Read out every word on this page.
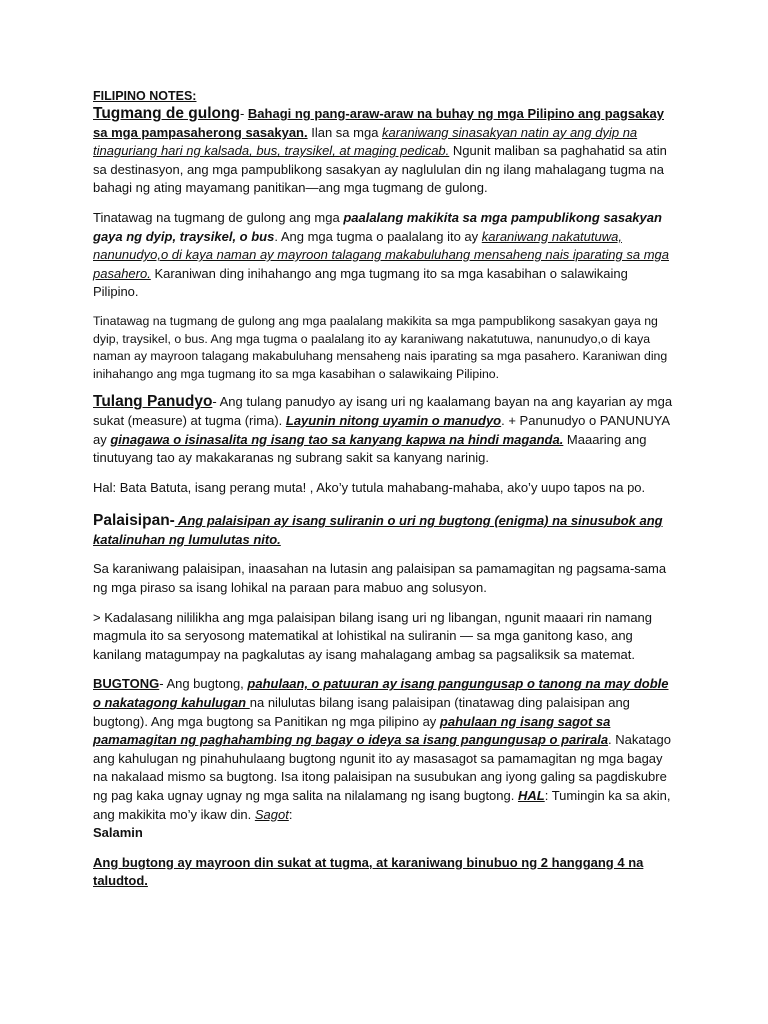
FILIPINO NOTES:

Tugmang de gulong- Bahagi ng pang-araw-araw na buhay ng mga Pilipino ang pagsakay sa mga pampasaherong sasakyan. Ilan sa mga karaniwang sinasakyan natin ay ang dyip na tinaguriang hari ng kalsada, bus, traysikel, at maging pedicab. Ngunit maliban sa paghahatid sa atin sa destinasyon, ang mga pampublikong sasakyan ay naglululan din ng ilang mahalagang tugma na bahagi ng ating mayamang panitikan—ang mga tugmang de gulong.

Tinatawag na tugmang de gulong ang mga paalalang makikita sa mga pampublikong sasakyan gaya ng dyip, traysikel, o bus. Ang mga tugma o paalalang ito ay karaniwang nakatutuwa, nanunudyo,o di kaya naman ay mayroon talagang makabuluhang mensaheng nais iparating sa mga pasahero. Karaniwan ding inihahango ang mga tugmang ito sa mga kasabihan o salawikaing Pilipino.

Tinatawag na tugmang de gulong ang mga paalalang makikita sa mga pampublikong sasakyan gaya ng dyip, traysikel, o bus. Ang mga tugma o paalalang ito ay karaniwang nakatutuwa, nanunudyo,o di kaya naman ay mayroon talagang makabuluhang mensaheng nais iparating sa mga pasahero. Karaniwan ding inihahango ang mga tugmang ito sa mga kasabihan o salawikaing Pilipino.

Tulang Panudyo- Ang tulang panudyo ay isang uri ng kaalamang bayan na ang kayarian ay mga sukat (measure) at tugma (rima). Layunin nitong uyamin o manudyo. + Panunudyo o PANUNUYA ay ginagawa o isinasalita ng isang tao sa kanyang kapwa na hindi maganda. Maaaring ang tinutuyang tao ay makakaranas ng subrang sakit sa kanyang narinig.

Hal: Bata Batuta, isang perang muta! , Ako’y tutula mahabang-mahaba, ako’y uupo tapos na po.

Palaisipan- Ang palaisipan ay isang suliranin o uri ng bugtong (enigma) na sinusubok ang katalinuhan ng lumulutas nito.

Sa karaniwang palaisipan, inaasahan na lutasin ang palaisipan sa pamamagitan ng pagsama-sama ng mga piraso sa isang lohikal na paraan para mabuo ang solusyon.

> Kadalasang nililikha ang mga palaisipan bilang isang uri ng libangan, ngunit maaari rin namang magmula ito sa seryosong matematikal at lohistikal na suliranin — sa mga ganitong kaso, ang kanilang matagumpay na pagkalutas ay isang mahalagang ambag sa pagsaliksik sa matemat.

BUGTONG- Ang bugtong, pahulaan, o patuuran ay isang pangungusap o tanong na may doble o nakatagong kahulugan na nilulutas bilang isang palaisipan (tinatawag ding palaisipan ang bugtong). Ang mga bugtong sa Panitikan ng mga pilipino ay pahulaan ng isang sagot sa pamamagitan ng paghahambing ng bagay o ideya sa isang pangungusap o parirala. Nakatago ang kahulugan ng pinahuhulaang bugtong ngunit ito ay masasagot sa pamamagitan ng mga bagay na nakalaad mismo sa bugtong. Isa itong palaisipan na susubukan ang iyong galing sa pagdiskubre ng pag kaka ugnay ugnay ng mga salita na nilalamang ng isang bugtong. HAL: Tumingin ka sa akin, ang makikita mo’y ikaw din. Sagot:
Salamin

Ang bugtong ay mayroon din sukat at tugma, at karaniwang binubuo ng 2 hanggang 4 na taludtod.
